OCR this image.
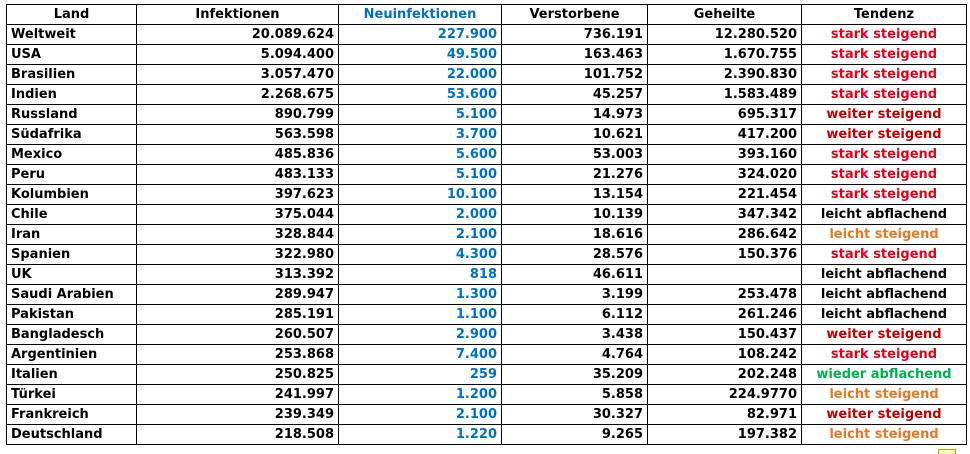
Land	Infektionen	Neuinfektionen	Verstorbene	Geheilte	Tendenz
Weltweit	20.089.624	227.900	736.191	12.280.520	stark steigend
USA	5.094.400	49.500	163.463	1.670.755	stark steigend
Brasilien	3.057.470	22.000	101.752	2.390.830	stark steigend
Indien	2.268.675	53.600	45.257	1.583.489	stark steigend
Russland	890.799	5.100	14.973	695.317	weiter steigend
Südafrika	563.598	3.700	10.621	417.200	weiter steigend
Mexico	485.836	5.600	53.003	393.160	stark steigend
Peru	483.133	5.100	21.276	324.020	stark steigend
Kolumbien	397.623	10.100	13.154	221.454	stark steigend
Chile	375.044	2.000	10.139	347.342	leicht abflachend
Iran	328.844	2.100	18.616	286.642	leicht steigend
Spanien	322.980	4.300	28.576	150.376	stark steigend
UK	313.392	818	46.611		leicht abflachend
Saudi Arabien	289.947	1.300	3.199	253.478	leicht abflachend
Pakistan	285.191	1.100	6.112	261.246	leicht abflachend
Bangladesch	260.507	2.900	3.438	150.437	weiter steigend
Argentinien	253.868	7.400	4.764	108.242	stark steigend
Italien	250.825	259	35.209	202.248	wieder abflachend
Türkei	241.997	1.200	5.858	224.9770	leicht steigend
Frankreich	239.349	2.100	30.327	82.971	weiter steigend
Deutschland	218.508	1.220	9.265	197.382	leicht steigend
